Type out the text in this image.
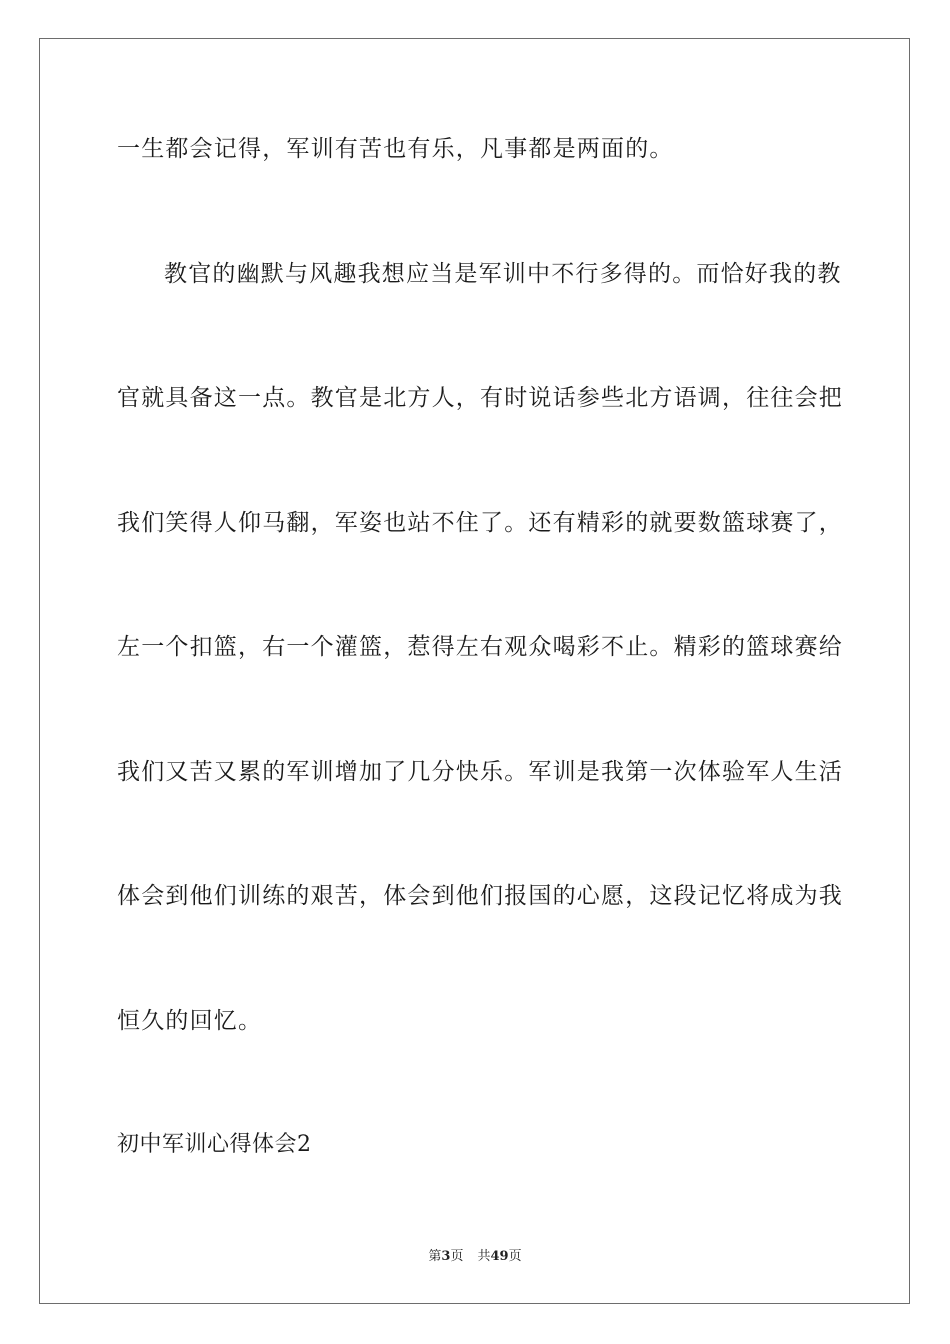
一生都会记得，军训有苦也有乐，凡事都是两面的。
教官的幽默与风趣我想应当是军训中不行多得的。而恰好我的教
官就具备这一点。教官是北方人，有时说话参些北方语调，往往会把
我们笑得人仰马翻，军姿也站不住了。还有精彩的就要数篮球赛了，
左一个扣篮，右一个灌篮，惹得左右观众喝彩不止。精彩的篮球赛给
我们又苦又累的军训增加了几分快乐。军训是我第一次体验军人生活
体会到他们训练的艰苦，体会到他们报国的心愿，这段记忆将成为我
恒久的回忆。
初中军训心得体会2
第3页 共49页
